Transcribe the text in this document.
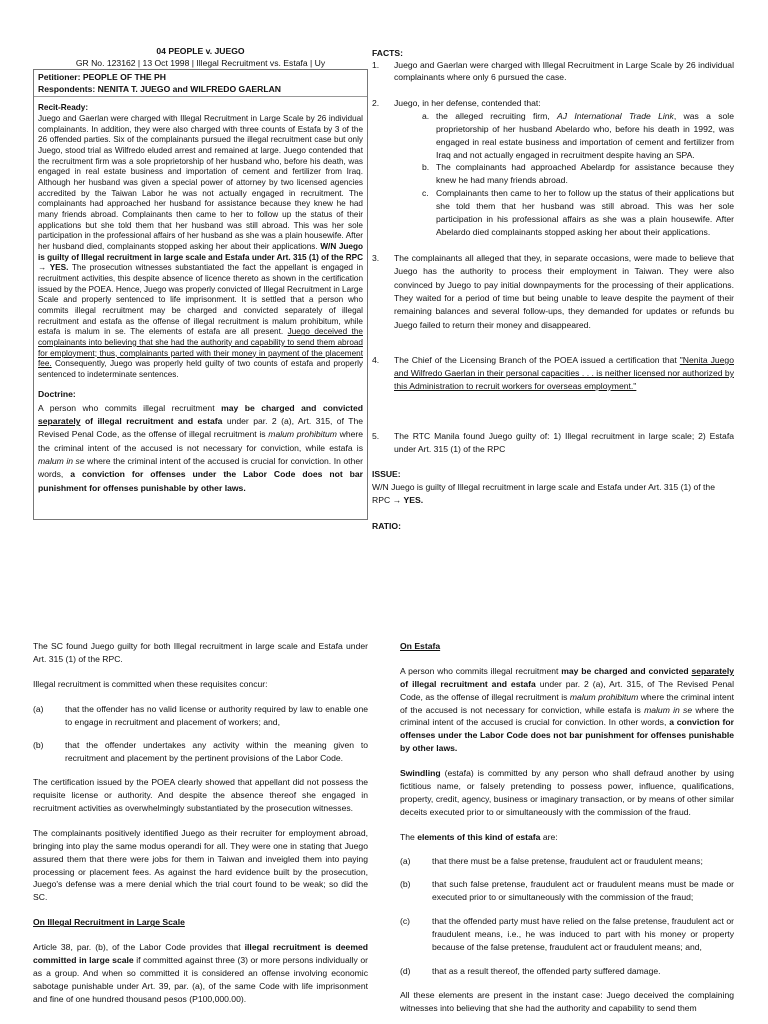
04 PEOPLE v. JUEGO

GR No. 123162 | 13 Oct 1998 | Illegal Recruitment vs. Estafa | Uy

Petitioner: PEOPLE OF THE PH

Respondents: NENITA T. JUEGO and WILFREDO GAERLAN

Recit-Ready:

Juego and Gaerlan were charged with Illegal Recruitment in Large Scale by 26 individual complainants. In addition, they were also charged with three counts of Estafa by 3 of the 26 offended parties. Six of the complainants pursued the illegal recruitment case but only Juego, stood trial as Wilfredo eluded arrest and remained at large. Juego contended that the recruitment firm was a sole proprietorship of her husband who, before his death, was engaged in real estate business and importation of cement and fertilizer from Iraq. Although her husband was given a special power of attorney by two licensed agencies accredited by the Taiwan Labor he was not actually engaged in recruitment. The complainants had approached her husband for assistance because they knew he had many friends abroad. Complainants then came to her to follow up the status of their applications but she told them that her husband was still abroad. This was her sole participation in the professional affairs of her husband as she was a plain housewife. After her husband died, complainants stopped asking her about their applications. W/N Juego is guilty of Illegal recruitment in large scale and Estafa under Art. 315 (1) of the RPC → YES. The prosecution witnesses substantiated the fact the appellant is engaged in recruitment activities, this despite absence of licence thereto as shown in the certification issued by the POEA. Hence, Juego was properly convicted of Illegal Recruitment in Large Scale and properly sentenced to life imprisonment. It is settled that a person who commits illegal recruitment may be charged and convicted separately of illegal recruitment and estafa as the offense of illegal recruitment is malum prohibitum, while estafa is malum in se. The elements of estafa are all present. Juego deceived the complainants into believing that she had the authority and capability to send them abroad for employment; thus, complainants parted with their money in payment of the placement fee. Consequently, Juego was properly held guilty of two counts of estafa and properly sentenced to indeterminate sentences.

Doctrine:

A person who commits illegal recruitment may be charged and convicted separately of illegal recruitment and estafa under par. 2 (a), Art. 315, of The Revised Penal Code, as the offense of illegal recruitment is malum prohibitum where the criminal intent of the accused is not necessary for conviction, while estafa is malum in se where the criminal intent of the accused is crucial for conviction. In other words, a conviction for offenses under the Labor Code does not bar punishment for offenses punishable by other laws.

FACTS:

1.	Juego and Gaerlan were charged with Illegal Recruitment in Large Scale by 26 individual complainants where only 6 pursued the case.
2.	Juego, in her defense, contended that:
a. the alleged recruiting firm, AJ International Trade Link, was a sole proprietorship of her husband Abelardo who, before his death in 1992, was engaged in real estate business and importation of cement and fertilizer from Iraq and not actually engaged in recruitment despite having an SPA.
b. The complainants had approached Abelardp for assistance because they knew he had many friends abroad.
c. Complainants then came to her to follow up the status of their applications but she told them that her husband was still abroad. This was her sole participation in his professional affairs as she was a plain housewife. After Abelardo died complainants stopped asking her about their applications.
3.	The complainants all alleged that they, in separate occasions, were made to believe that Juego has the authority to process their employment in Taiwan. They were also convinced by Juego to pay initial downpayments for the processing of their applications. They waited for a period of time but being unable to leave despite the payment of their remaining balances and several follow-ups, they demanded for updates or refunds bu Juego failed to return their money and disappeared.
4.	The Chief of the Licensing Branch of the POEA issued a certification that "Nenita Juego and Wilfredo Gaerlan in their personal capacities . . . is neither licensed nor authorized by this Administration to recruit workers for overseas employment."
5.	The RTC Manila found Juego guilty of: 1) Illegal recruitment in large scale; 2) Estafa under Art. 315 (1) of the RPC

ISSUE:

W/N Juego is guilty of Illegal recruitment in large scale and Estafa under Art. 315 (1) of the RPC → YES.

RATIO:

The SC found Juego guilty for both Illegal recruitment in large scale and Estafa under Art. 315 (1) of the RPC.

Illegal recruitment is committed when these requisites concur:

(a)	that the offender has no valid license or authority required by law to enable one to engage in recruitment and placement of workers; and,
(b)	that the offender undertakes any activity within the meaning given to recruitment and placement by the pertinent provisions of the Labor Code.

The certification issued by the POEA clearly showed that appellant did not possess the requisite license or authority. And despite the absence thereof she engaged in recruitment activities as overwhelmingly substantiated by the prosecution witnesses.

The complainants positively identified Juego as their recruiter for employment abroad, bringing into play the same modus operandi for all. They were one in stating that Juego assured them that there were jobs for them in Taiwan and inveigled them into paying processing or placement fees. As against the hard evidence built by the prosecution, Juego's defense was a mere denial which the trial court found to be weak; so did the SC.

On Illegal Recruitment in Large Scale

Article 38, par. (b), of the Labor Code provides that illegal recruitment is deemed committed in large scale if committed against three (3) or more persons individually or as a group. And when so committed it is considered an offense involving economic sabotage punishable under Art. 39, par. (a), of the same Code with life imprisonment and fine of one hundred thousand pesos (P100,000.00).

On Estafa

A person who commits illegal recruitment may be charged and convicted separately of illegal recruitment and estafa under par. 2 (a), Art. 315, of The Revised Penal Code, as the offense of illegal recruitment is malum prohibitum where the criminal intent of the accused is not necessary for conviction, while estafa is malum in se where the criminal intent of the accused is crucial for conviction. In other words, a conviction for offenses under the Labor Code does not bar punishment for offenses punishable by other laws.

Swindling (estafa) is committed by any person who shall defraud another by using fictitious name, or falsely pretending to possess power, influence, qualifications, property, credit, agency, business or imaginary transaction, or by means of other similar deceits executed prior to or simultaneously with the commission of the fraud.

The elements of this kind of estafa are:

(a)	that there must be a false pretense, fraudulent act or fraudulent means;
(b)	that such false pretense, fraudulent act or fraudulent means must be made or executed prior to or simultaneously with the commission of the fraud;
(c)	that the offended party must have relied on the false pretense, fraudulent act or fraudulent means, i.e., he was induced to part with his money or property because of the false pretense, fraudulent act or fraudulent means; and,
(d)	that as a result thereof, the offended party suffered damage.

All these elements are present in the instant case: Juego deceived the complaining witnesses into believing that she had the authority and capability to send them
